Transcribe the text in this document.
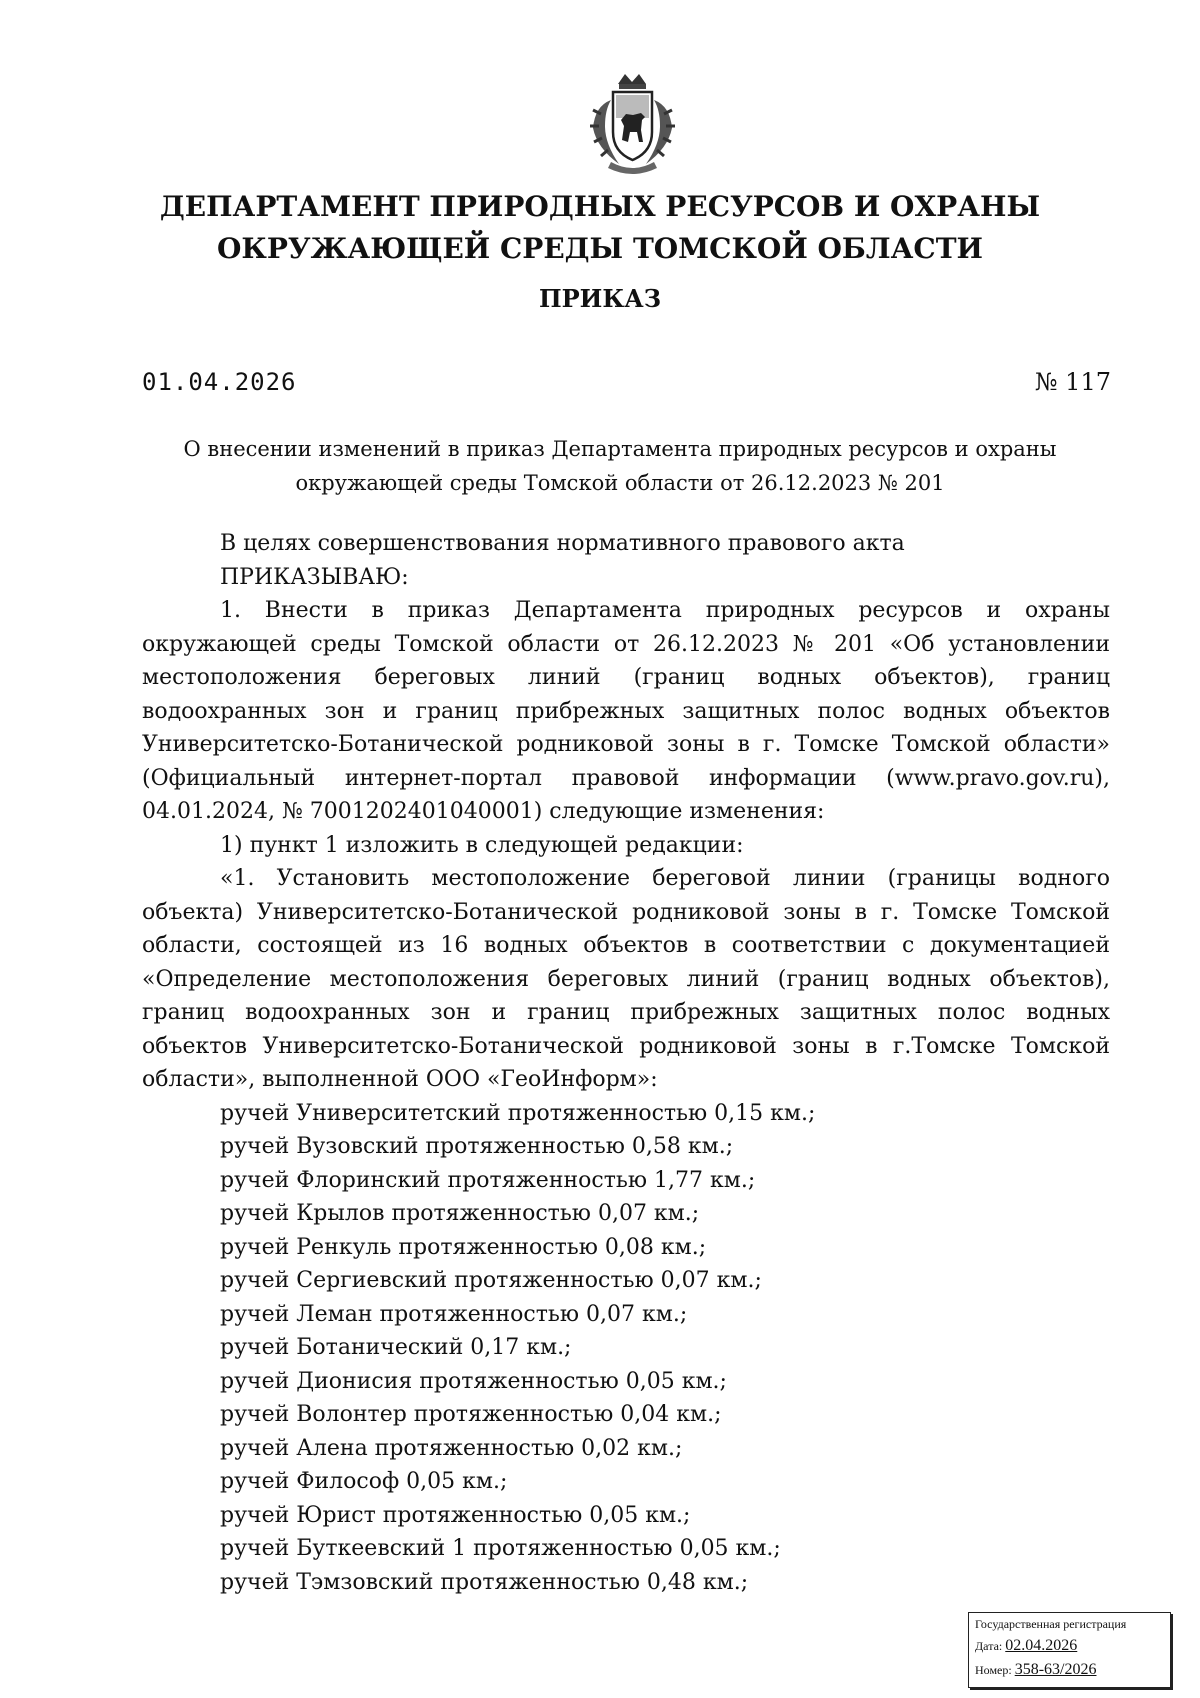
ДЕПАРТАМЕНТ ПРИРОДНЫХ РЕСУРСОВ И ОХРАНЫ
ОКРУЖАЮЩЕЙ СРЕДЫ ТОМСКОЙ ОБЛАСТИ
ПРИКАЗ
01.04.2026	№ 117
О внесении изменений в приказ Департамента природных ресурсов и охраны
окружающей среды Томской области от 26.12.2023 № 201

В целях совершенствования нормативного правового акта

ПРИКАЗЫВАЮ:

1. Внести в приказ Департамента природных ресурсов и охраны окружающей среды Томской области от 26.12.2023 № 201 «Об установлении местоположения береговых линий (границ водных объектов), границ водоохранных зон и границ прибрежных защитных полос водных объектов Университетско-Ботанической родниковой зоны в г. Томске Томской области» (Официальный интернет-портал правовой информации (www.pravo.gov.ru), 04.01.2024, № 7001202401040001) следующие изменения:

1) пункт 1 изложить в следующей редакции:

«1. Установить местоположение береговой линии (границы водного объекта) Университетско-Ботанической родниковой зоны в г. Томске Томской области, состоящей из 16 водных объектов в соответствии с документацией «Определение местоположения береговых линий (границ водных объектов), границ водоохранных зон и границ прибрежных защитных полос водных объектов Университетско-Ботанической родниковой зоны в г.Томске Томской области», выполненной ООО «ГеоИнформ»:

ручей Университетский протяженностью 0,15 км.;
ручей Вузовский протяженностью 0,58 км.;
ручей Флоринский протяженностью 1,77 км.;
ручей Крылов протяженностью 0,07 км.;
ручей Ренкуль протяженностью 0,08 км.;
ручей Сергиевский протяженностью 0,07 км.;
ручей Леман протяженностью 0,07 км.;
ручей Ботанический 0,17 км.;
ручей Дионисия протяженностью 0,05 км.;
ручей Волонтер протяженностью 0,04 км.;
ручей Алена протяженностью 0,02 км.;
ручей Философ 0,05 км.;
ручей Юрист протяженностью 0,05 км.;
ручей Буткеевский 1 протяженностью 0,05 км.;
ручей Тэмзовский протяженностью 0,48 км.;
Государственная регистрация
Дата: 02.04.2026
Номер: 358-63/2026
